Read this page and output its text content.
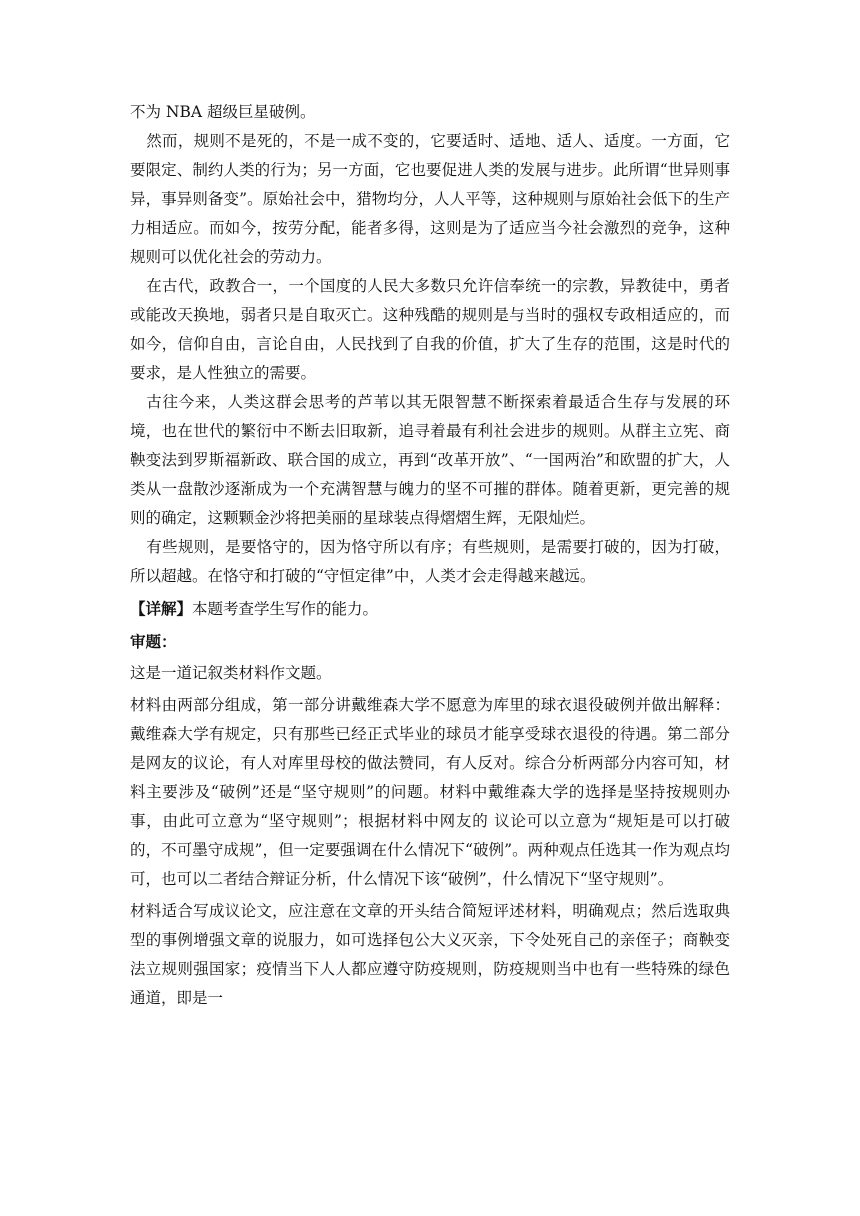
不为 NBA 超级巨星破例。

然而，规则不是死的，不是一成不变的，它要适时、适地、适人、适度。一方面，它要限定、制约人类的行为；另一方面，它也要促进人类的发展与进步。此所谓“世异则事异，事异则备变”。原始社会中，猎物均分，人人平等，这种规则与原始社会低下的生产力相适应。而如今，按劳分配，能者多得，这则是为了适应当今社会激烈的竞争，这种规则可以优化社会的劳动力。

在古代，政教合一，一个国度的人民大多数只允许信奉统一的宗教，异教徒中，勇者或能改天换地，弱者只是自取灭亡。这种残酷的规则是与当时的强权专政相适应的，而如今，信仰自由，言论自由，人民找到了自我的价值，扩大了生存的范围，这是时代的要求，是人性独立的需要。

古往今来，人类这群会思考的芦苇以其无限智慧不断探索着最适合生存与发展的环境，也在世代的繁衍中不断去旧取新，追寻着最有利社会进步的规则。从群主立宪、商鞅变法到罗斯福新政、联合国的成立，再到“改革开放”、“一国两治”和欧盟的扩大，人类从一盘散沙逐渐成为一个充满智慧与魄力的坚不可摧的群体。随着更新，更完善的规则的确定，这颗颗金沙将把美丽的星球装点得熠熠生辉，无限灿烂。

有些规则，是要恪守的，因为恪守所以有序；有些规则，是需要打破的，因为打破，所以超越。在恪守和打破的“守恒定律”中，人类才会走得越来越远。

【详解】本题考查学生写作的能力。

审题：

这是一道记叙类材料作文题。

材料由两部分组成，第一部分讲戴维森大学不愿意为库里的球衣退役破例并做出解释：戴维森大学有规定，只有那些已经正式毕业的球员才能享受球衣退役的待遇。第二部分是网友的议论，有人对库里母校的做法赞同，有人反对。综合分析两部分内容可知，材料主要涉及“破例”还是“坚守规则”的问题。材料中戴维森大学的选择是坚持按规则办事，由此可立意为“坚守规则”；根据材料中网友的 议论可以立意为“规矩是可以打破的，不可墨守成规”，但一定要强调在什么情况下“破例”。两种观点任选其一作为观点均可，也可以二者结合辩证分析，什么情况下该“破例”，什么情况下“坚守规则”。

材料适合写成议论文，应注意在文章的开头结合简短评述材料，明确观点；然后选取典型的事例增强文章的说服力，如可选择包公大义灭亲，下令处死自己的亲侄子；商鞅变法立规则强国家；疫情当下人人都应遵守防疫规则，防疫规则当中也有一些特殊的绿色通道，即是一
